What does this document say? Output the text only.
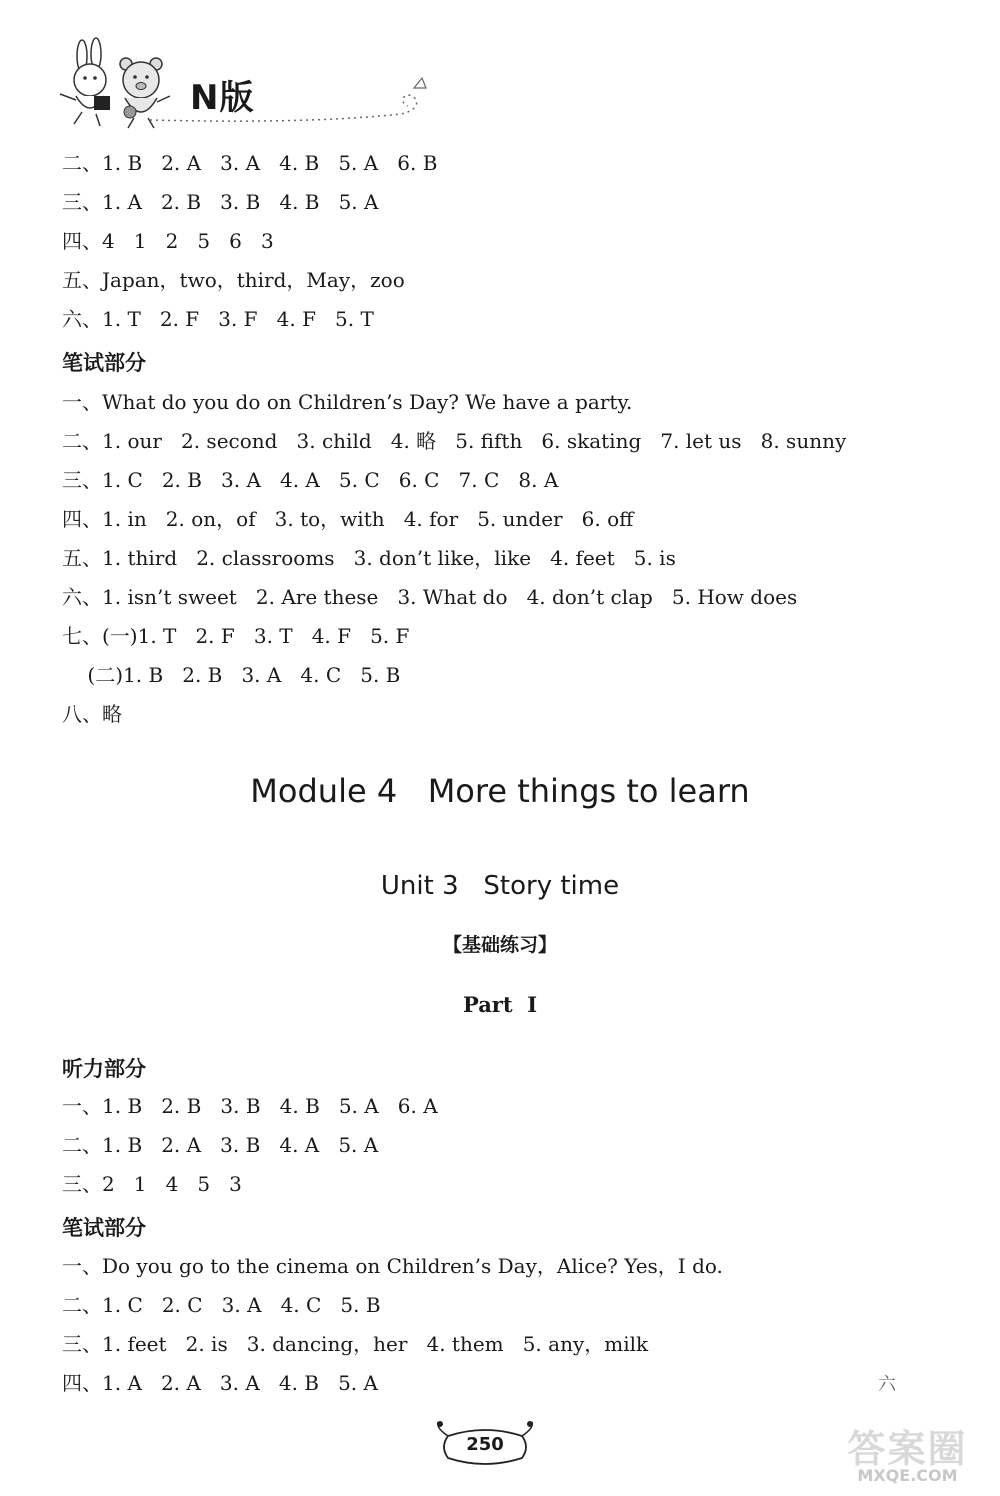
N版
二、1. B   2. A   3. A   4. B   5. A   6. B
三、1. A   2. B   3. B   4. B   5. A
四、4   1   2   5   6   3
五、Japan，two，third，May，zoo
六、1. T   2. F   3. F   4. F   5. T
笔试部分
一、What do you do on Children’s Day? We have a party.
二、1. our   2. second   3. child   4. 略   5. fifth   6. skating   7. let us   8. sunny
三、1. C   2. B   3. A   4. A   5. C   6. C   7. C   8. A
四、1. in   2. on，of   3. to，with   4. for   5. under   6. off
五、1. third   2. classrooms   3. don’t like，like   4. feet   5. is
六、1. isn’t sweet   2. Are these   3. What do   4. don’t clap   5. How does
七、(一)1. T   2. F   3. T   4. F   5. F
(二)1. B   2. B   3. A   4. C   5. B
八、略
Module 4   More things to learn
Unit 3   Story time
【基础练习】
Part  Ⅰ
听力部分
一、1. B   2. B   3. B   4. B   5. A   6. A
二、1. B   2. A   3. B   4. A   5. A
三、2   1   4   5   3
笔试部分
一、Do you go to the cinema on Children’s Day，Alice? Yes，I do.
二、1. C   2. C   3. A   4. C   5. B
三、1. feet   2. is   3. dancing，her   4. them   5. any，milk
四、1. A   2. A   3. A   4. B   5. A	六
250	答案圈
MXQE.COM
